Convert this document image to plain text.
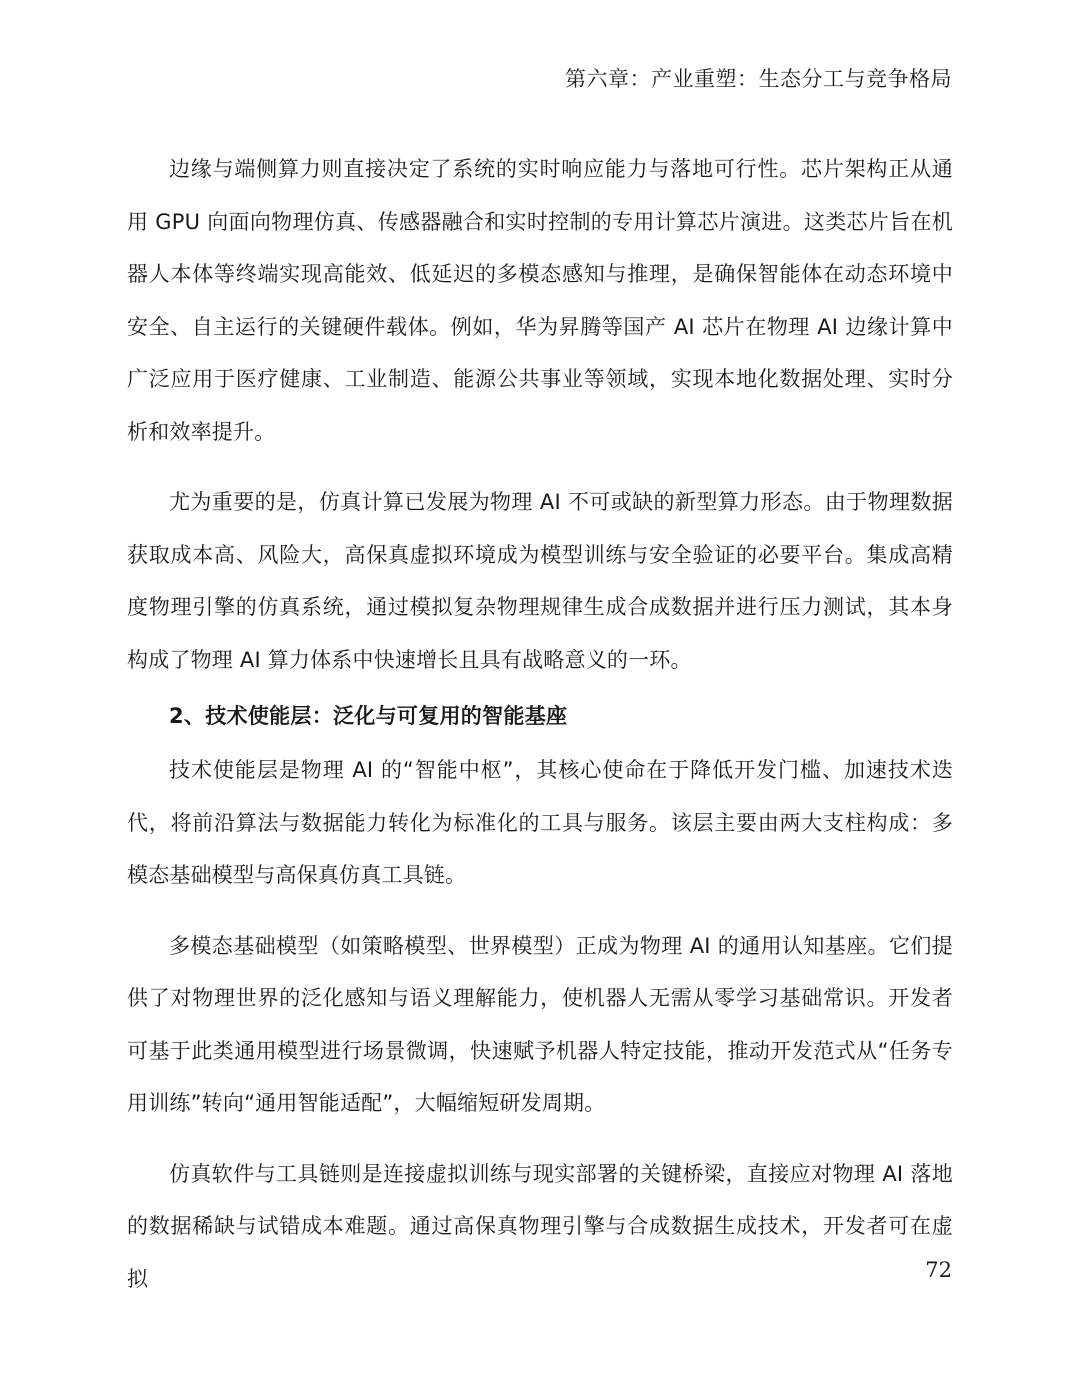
第六章：产业重塑：生态分工与竞争格局

边缘与端侧算力则直接决定了系统的实时响应能力与落地可行性。芯片架构正从通用 GPU 向面向物理仿真、传感器融合和实时控制的专用计算芯片演进。这类芯片旨在机器人本体等终端实现高能效、低延迟的多模态感知与推理，是确保智能体在动态环境中安全、自主运行的关键硬件载体。例如，华为昇腾等国产 AI 芯片在物理 AI 边缘计算中广泛应用于医疗健康、工业制造、能源公共事业等领域，实现本地化数据处理、实时分析和效率提升。

尤为重要的是，仿真计算已发展为物理 AI 不可或缺的新型算力形态。由于物理数据获取成本高、风险大，高保真虚拟环境成为模型训练与安全验证的必要平台。集成高精度物理引擎的仿真系统，通过模拟复杂物理规律生成合成数据并进行压力测试，其本身构成了物理 AI 算力体系中快速增长且具有战略意义的一环。

2、技术使能层：泛化与可复用的智能基座

技术使能层是物理 AI 的“智能中枢”，其核心使命在于降低开发门槛、加速技术迭代，将前沿算法与数据能力转化为标准化的工具与服务。该层主要由两大支柱构成：多模态基础模型与高保真仿真工具链。

多模态基础模型（如策略模型、世界模型）正成为物理 AI 的通用认知基座。它们提供了对物理世界的泛化感知与语义理解能力，使机器人无需从零学习基础常识。开发者可基于此类通用模型进行场景微调，快速赋予机器人特定技能，推动开发范式从“任务专用训练”转向“通用智能适配”，大幅缩短研发周期。

仿真软件与工具链则是连接虚拟训练与现实部署的关键桥梁，直接应对物理 AI 落地的数据稀缺与试错成本难题。通过高保真物理引擎与合成数据生成技术，开发者可在虚拟	72
